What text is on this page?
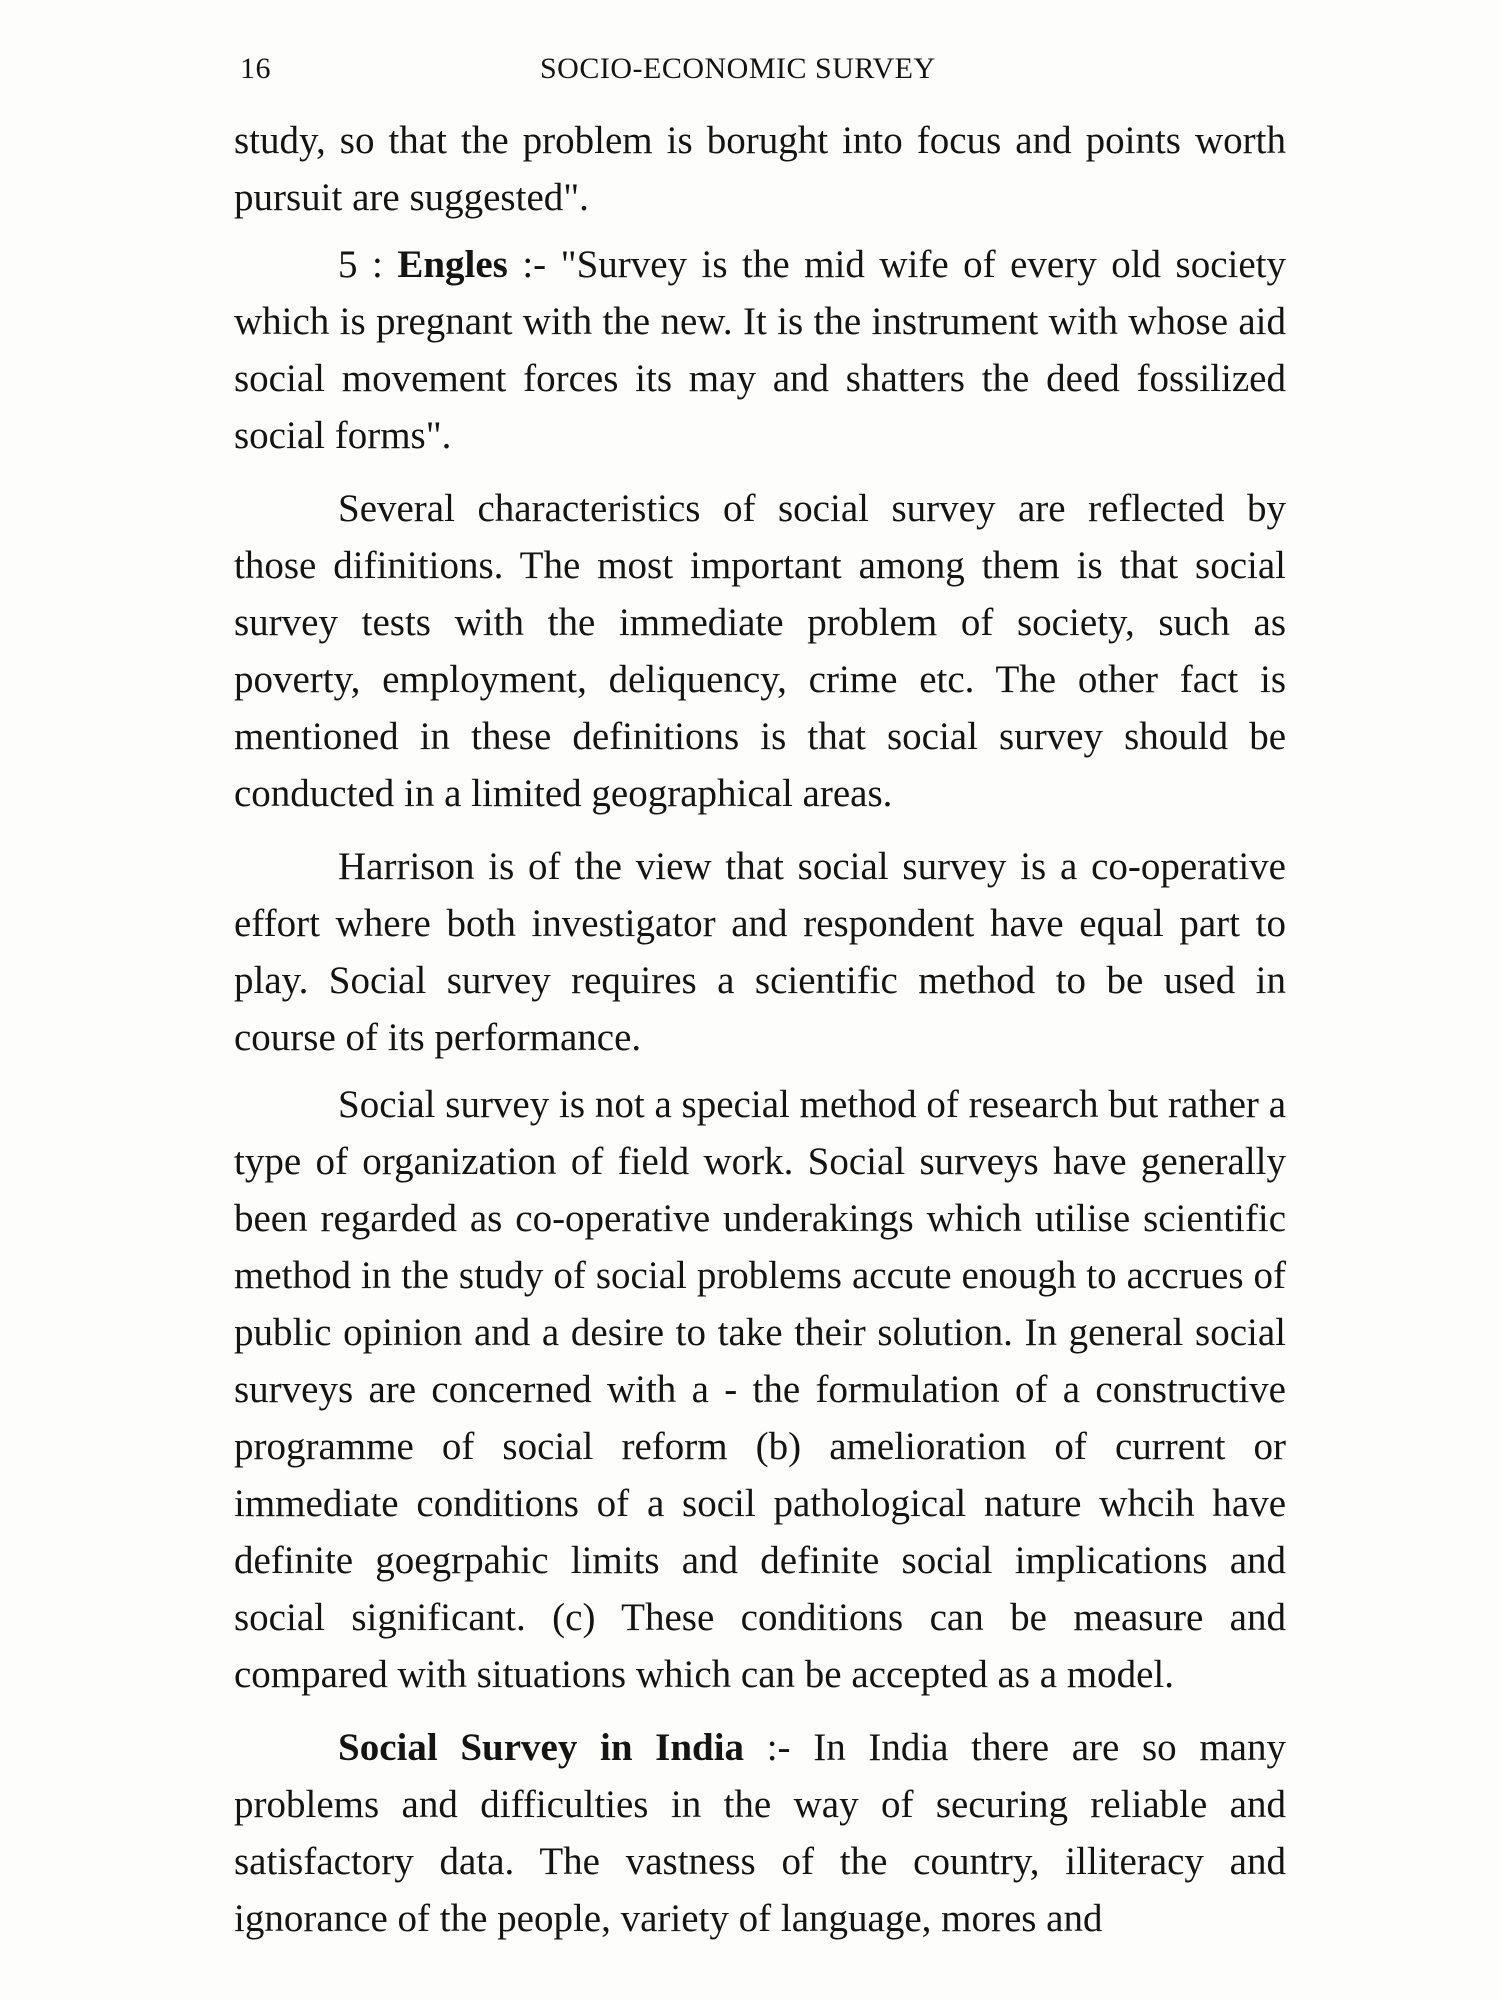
16	SOCIO-ECONOMIC SURVEY

study, so that the problem is borught into focus and points worth pursuit are suggested".

5 : Engles :- "Survey is the mid wife of every old society which is pregnant with the new. It is the instrument with whose aid social movement forces its may and shatters the deed fossilized social forms".

Several characteristics of social survey are reflected by those difinitions. The most important among them is that social survey tests with the immediate problem of society, such as poverty, employment, deliquency, crime etc. The other fact is mentioned in these definitions is that social survey should be conducted in a limited geographical areas.

Harrison is of the view that social survey is a co-operative effort where both investigator and respondent have equal part to play. Social survey requires a scientific method to be used in course of its performance.

Social survey is not a special method of research but rather a type of organization of field work. Social surveys have generally been regarded as co-operative underakings which utilise scientific method in the study of social problems accute enough to accrues of public opinion and a desire to take their solution. In general social surveys are concerned with a - the formulation of a constructive programme of social reform (b) amelioration of current or immediate conditions of a socil pathological nature whcih have definite goegrpahic limits and definite social implications and social significant. (c) These conditions can be measure and compared with situations which can be accepted as a model.

Social Survey in India :- In India there are so many problems and difficulties in the way of securing reliable and satisfactory data. The vastness of the country, illiteracy and ignorance of the people, variety of language, mores and
